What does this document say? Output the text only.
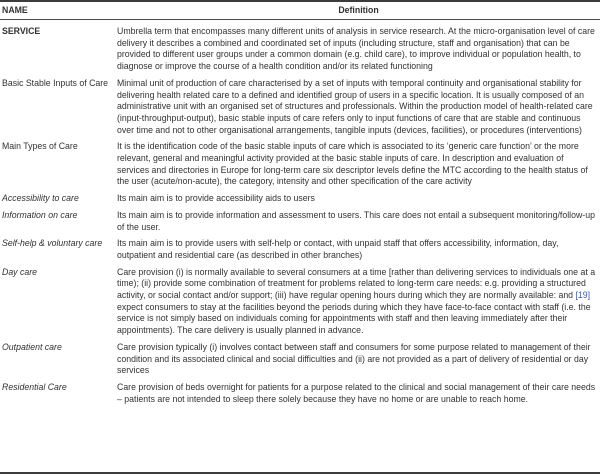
NAME	Definition
SERVICE	Umbrella term that encompasses many different units of analysis in service research. At the micro-organisation level of care delivery it describes a combined and coordinated set of inputs (including structure, staff and organisation) that can be provided to different user groups under a common domain (e.g. child care), to improve individual or population health, to diagnose or improve the course of a health condition and/or its related functioning
Basic Stable Inputs of Care	Minimal unit of production of care characterised by a set of inputs with temporal continuity and organisational stability for delivering health related care to a defined and identified group of users in a specific location. It is usually composed of an administrative unit with an organised set of structures and professionals. Within the production model of health-related care (input-throughput-output), basic stable inputs of care refers only to input functions of care that are stable and continuous over time and not to other organisational arrangements, tangible inputs (devices, facilities), or procedures (interventions)
Main Types of Care	It is the identification code of the basic stable inputs of care which is associated to its ‘generic care function’ or the more relevant, general and meaningful activity provided at the basic stable inputs of care. In description and evaluation of services and directories in Europe for long-term care six descriptor levels define the MTC according to the health status of the user (acute/non-acute), the category, intensity and other specification of the care activity
Accessibility to care	Its main aim is to provide accessibility aids to users
Information on care	Its main aim is to provide information and assessment to users. This care does not entail a subsequent monitoring/follow-up of the user.
Self-help & voluntary care	Its main aim is to provide users with self-help or contact, with unpaid staff that offers accessibility, information, day, outpatient and residential care (as described in other branches)
Day care	Care provision (i) is normally available to several consumers at a time [rather than delivering services to individuals one at a time); (ii) provide some combination of treatment for problems related to long-term care needs: e.g. providing a structured activity, or social contact and/or support; (iii) have regular opening hours during which they are normally available: and [19] expect consumers to stay at the facilities beyond the periods during which they have face-to-face contact with staff (i.e. the service is not simply based on individuals coming for appointments with staff and then leaving immediately after their appointments). The care delivery is usually planned in advance.
Outpatient care	Care provision typically (i) involves contact between staff and consumers for some purpose related to management of their condition and its associated clinical and social difficulties and (ii) are not provided as a part of delivery of residential or day services
Residential Care	Care provision of beds overnight for patients for a purpose related to the clinical and social management of their care needs – patients are not intended to sleep there solely because they have no home or are unable to reach home.
